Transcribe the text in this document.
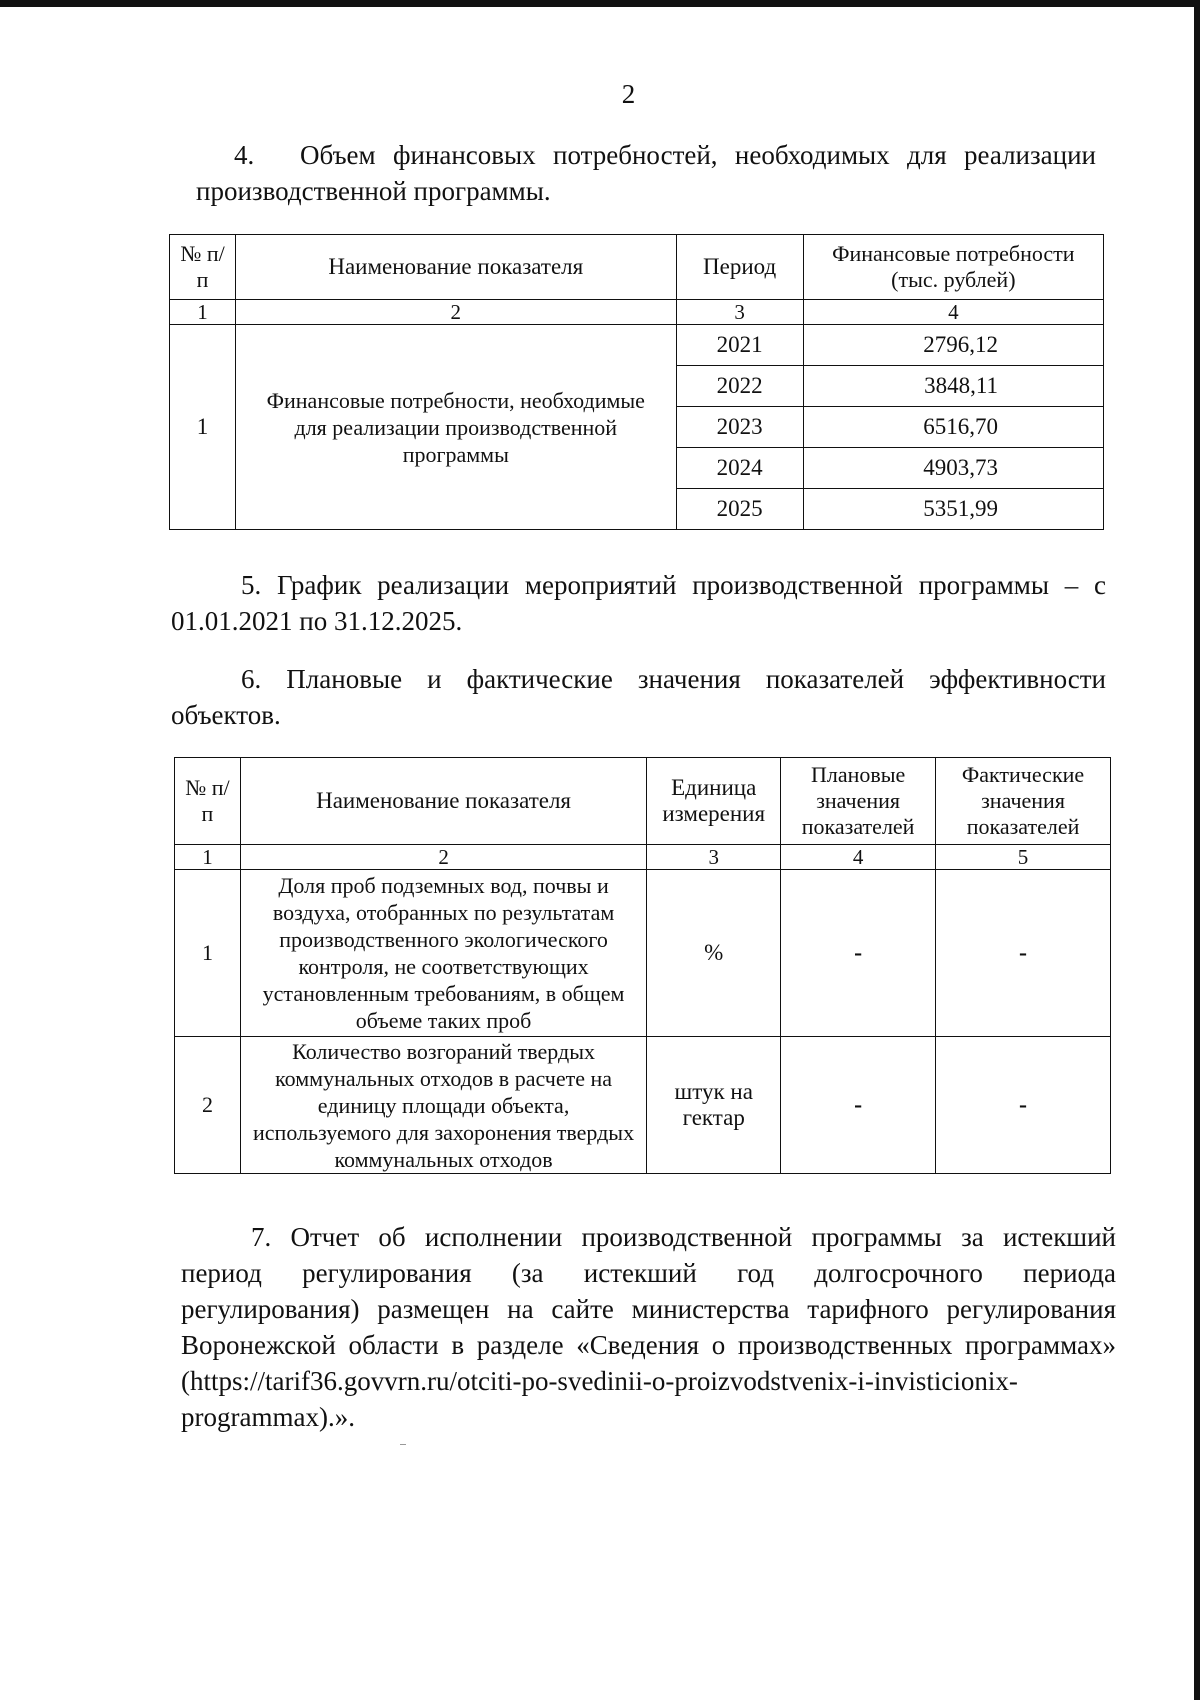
2
4. Объем финансовых потребностей, необходимых для реализации производственной программы.
№ п/п	Наименование показателя	Период	Финансовые потребности (тыс. рублей)
1	2	3	4
1	Финансовые потребности, необходимые для реализации производственной программы	2021	2796,12
		2022	3848,11
		2023	6516,70
		2024	4903,73
		2025	5351,99
5. График реализации мероприятий производственной программы – с 01.01.2021 по 31.12.2025.
6. Плановые и фактические значения показателей эффективности
объектов.
№ п/п	Наименование показателя	Единица измерения	Плановые значения показателей	Фактические значения показателей
1	2	3	4	5
1	Доля проб подземных вод, почвы и воздуха, отобранных по результатам производственного экологического контроля, не соответствующих установленным требованиям, в общем объеме таких проб	%	-	-
2	Количество возгораний твердых коммунальных отходов в расчете на единицу площади объекта, используемого для захоронения твердых коммунальных отходов	штук на гектар	-	-
7. Отчет об исполнении производственной программы за истекший
период регулирования (за истекший год долгосрочного периода
регулирования) размещен на сайте министерства тарифного регулирования Воронежской области в разделе «Сведения о производственных программах» (https://tarif36.govvrn.ru/otciti-po-svedinii-o-proizvodstvenix-i-invisticionix-programmax).».
